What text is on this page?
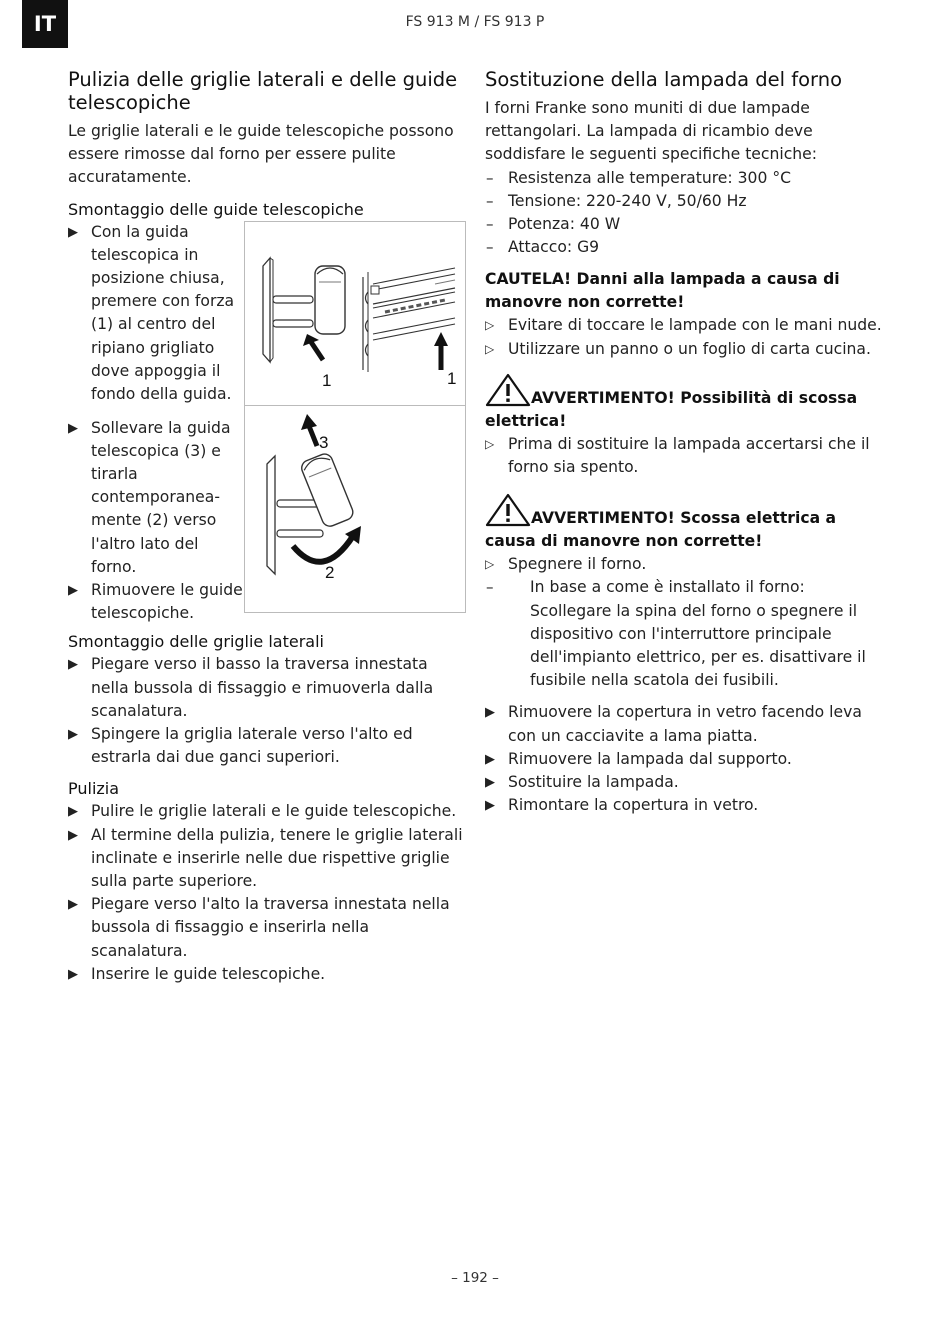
IT	FS 913 M / FS 913 P
Pulizia delle griglie laterali e delle guide telescopiche

Le griglie laterali e le guide telescopiche possono essere rimosse dal forno per essere pulite accuratamente.

Smontaggio delle guide telescopiche
▶ Con la guida telescopica in posizione chiusa, premere con forza (1) al centro del ripiano grigliato dove appoggia il fondo della guida.
1	1
▶ Sollevare la guida telescopica (3) e tirarla contemporanea-mente (2) verso l'altro lato del forno.
▶ Rimuovere le guide telescopiche.
3
2
Smontaggio delle griglie laterali
▶ Piegare verso il basso la traversa innestata nella bussola di fissaggio e rimuoverla dalla scanalatura.
▶ Spingere la griglia laterale verso l'alto ed estrarla dai due ganci superiori.
Pulizia
▶ Pulire le griglie laterali e le guide telescopiche.
▶ Al termine della pulizia, tenere le griglie laterali inclinate e inserirle nelle due rispettive griglie sulla parte superiore.
▶ Piegare verso l'alto la traversa innestata nella bussola di fissaggio e inserirla nella scanalatura.
▶ Inserire le guide telescopiche.
Sostituzione della lampada del forno

I forni Franke sono muniti di due lampade rettangolari. La lampada di ricambio deve soddisfare le seguenti specifiche tecniche:

– Resistenza alle temperature: 300 °C
– Tensione: 220-240 V, 50/60 Hz
– Potenza: 40 W
– Attacco: G9

CAUTELA! Danni alla lampada a causa di manovre non corrette!

▷ Evitare di toccare le lampade con le mani nude.
▷ Utilizzare un panno o un foglio di carta cucina.

AVVERTIMENTO! Possibilità di scossa elettrica!

▷ Prima di sostituire la lampada accertarsi che il forno sia spento.

AVVERTIMENTO! Scossa elettrica a causa di manovre non corrette!

▷ Spegnere il forno.
– In base a come è installato il forno: Scollegare la spina del forno o spegnere il dispositivo con l'interruttore principale dell'impianto elettrico, per es. disattivare il fusibile nella scatola dei fusibili.
▶ Rimuovere la copertura in vetro facendo leva con un cacciavite a lama piatta.
▶ Rimuovere la lampada dal supporto.
▶ Sostituire la lampada.
▶ Rimontare la copertura in vetro.
– 192 –
